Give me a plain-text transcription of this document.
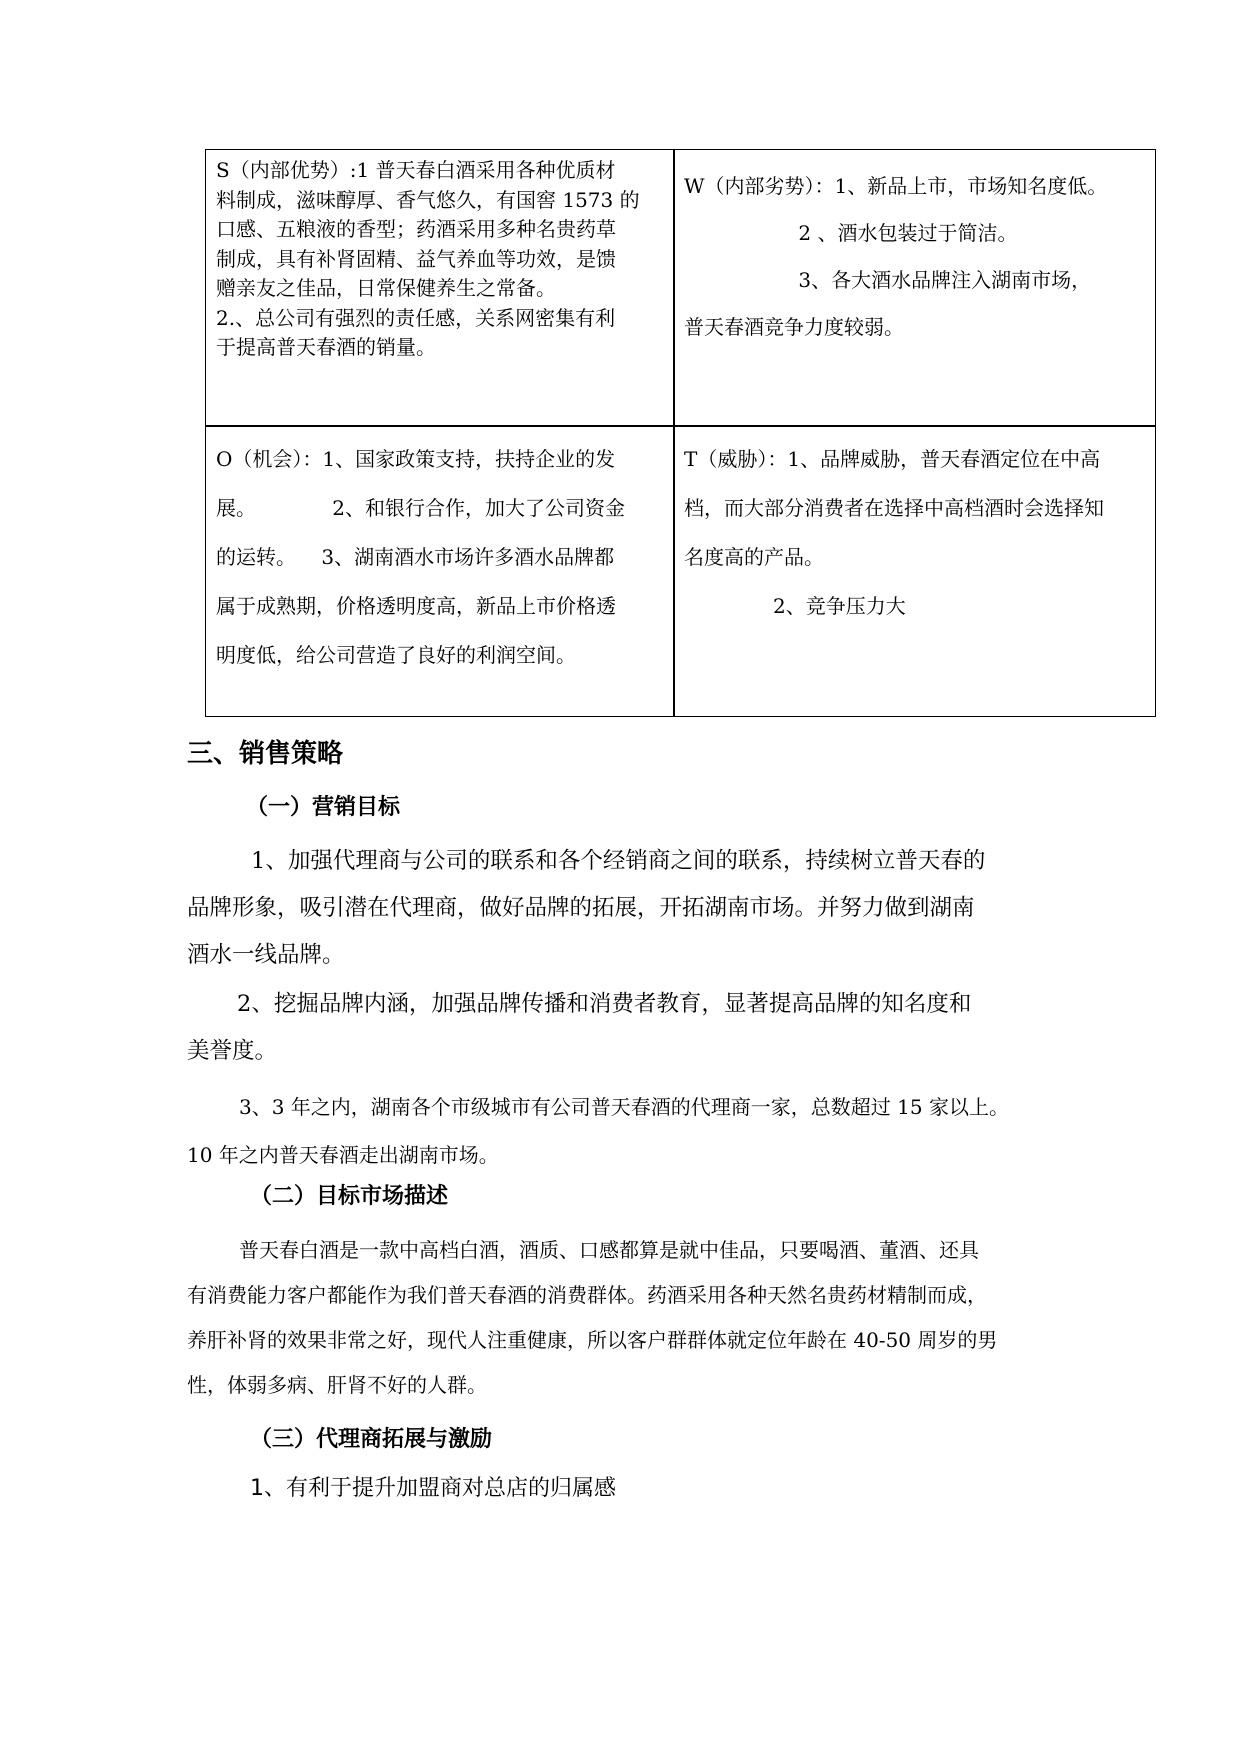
S（内部优势）:1 普天春白酒采用各种优质材

料制成，滋味醇厚、香气悠久，有国窖 1573 的

口感、五粮液的香型；药酒采用多种名贵药草

制成，具有补肾固精、益气养血等功效，是馈

赠亲友之佳品，日常保健养生之常备。

2.、总公司有强烈的责任感，关系网密集有利

于提高普天春酒的销量。

W（内部劣势）：1、新品上市，市场知名度低。

2 、酒水包装过于简洁。

3、各大酒水品牌注入湖南市场，

普天春酒竞争力度较弱。

O（机会）：1、国家政策支持，扶持企业的发

展。            2、和银行合作，加大了公司资金

的运转。    3、湖南酒水市场许多酒水品牌都

属于成熟期，价格透明度高，新品上市价格透

明度低，给公司营造了良好的利润空间。

T（威胁）：1、品牌威胁，普天春酒定位在中高

档，而大部分消费者在选择中高档酒时会选择知

名度高的产品。

2、竞争压力大

三、销售策略
（一）营销目标

1、加强代理商与公司的联系和各个经销商之间的联系，持续树立普天春的

品牌形象，吸引潜在代理商，做好品牌的拓展，开拓湖南市场。并努力做到湖南

酒水一线品牌。

2、挖掘品牌内涵，加强品牌传播和消费者教育，显著提高品牌的知名度和

美誉度。

3、3 年之内，湖南各个市级城市有公司普天春酒的代理商一家，总数超过 15 家以上。

10 年之内普天春酒走出湖南市场。

（二）目标市场描述

普天春白酒是一款中高档白酒，酒质、口感都算是就中佳品，只要喝酒、董酒、还具

有消费能力客户都能作为我们普天春酒的消费群体。药酒采用各种天然名贵药材精制而成，

养肝补肾的效果非常之好，现代人注重健康，所以客户群群体就定位年龄在 40-50 周岁的男

性，体弱多病、肝肾不好的人群。

（三）代理商拓展与激励
1、有利于提升加盟商对总店的归属感
